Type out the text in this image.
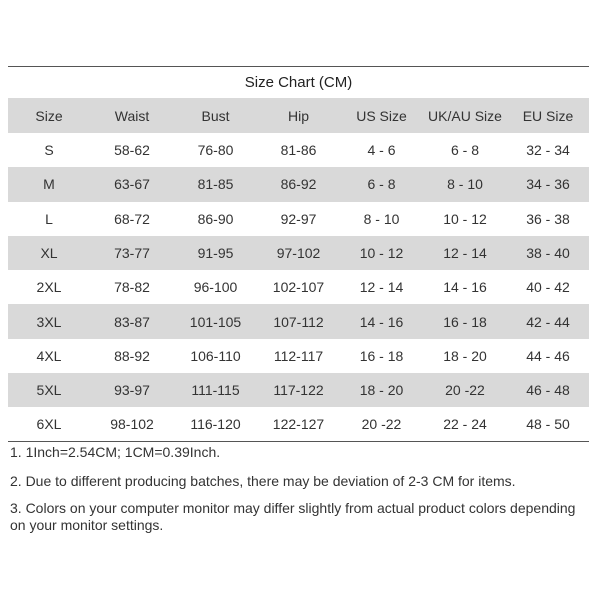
Size Chart (CM)
Size	Waist	Bust	Hip	US Size	UK/AU Size	EU Size
S	58-62	76-80	81-86	4 - 6	6 - 8	32 - 34
M	63-67	81-85	86-92	6 - 8	8 - 10	34 - 36
L	68-72	86-90	92-97	8 - 10	10 - 12	36 - 38
XL	73-77	91-95	97-102	10 - 12	12 - 14	38 - 40
2XL	78-82	96-100	102-107	12 - 14	14 - 16	40 - 42
3XL	83-87	101-105	107-112	14 - 16	16 - 18	42 - 44
4XL	88-92	106-110	112-117	16 - 18	18 - 20	44 - 46
5XL	93-97	111-115	117-122	18 - 20	20 -22	46 - 48
6XL	98-102	116-120	122-127	20 -22	22 - 24	48 - 50

1. 1Inch=2.54CM; 1CM=0.39Inch.

2. Due to different producing batches, there may be deviation of 2-3 CM for items.

3. Colors on your computer monitor may differ slightly from actual product colors depending on your monitor settings.
